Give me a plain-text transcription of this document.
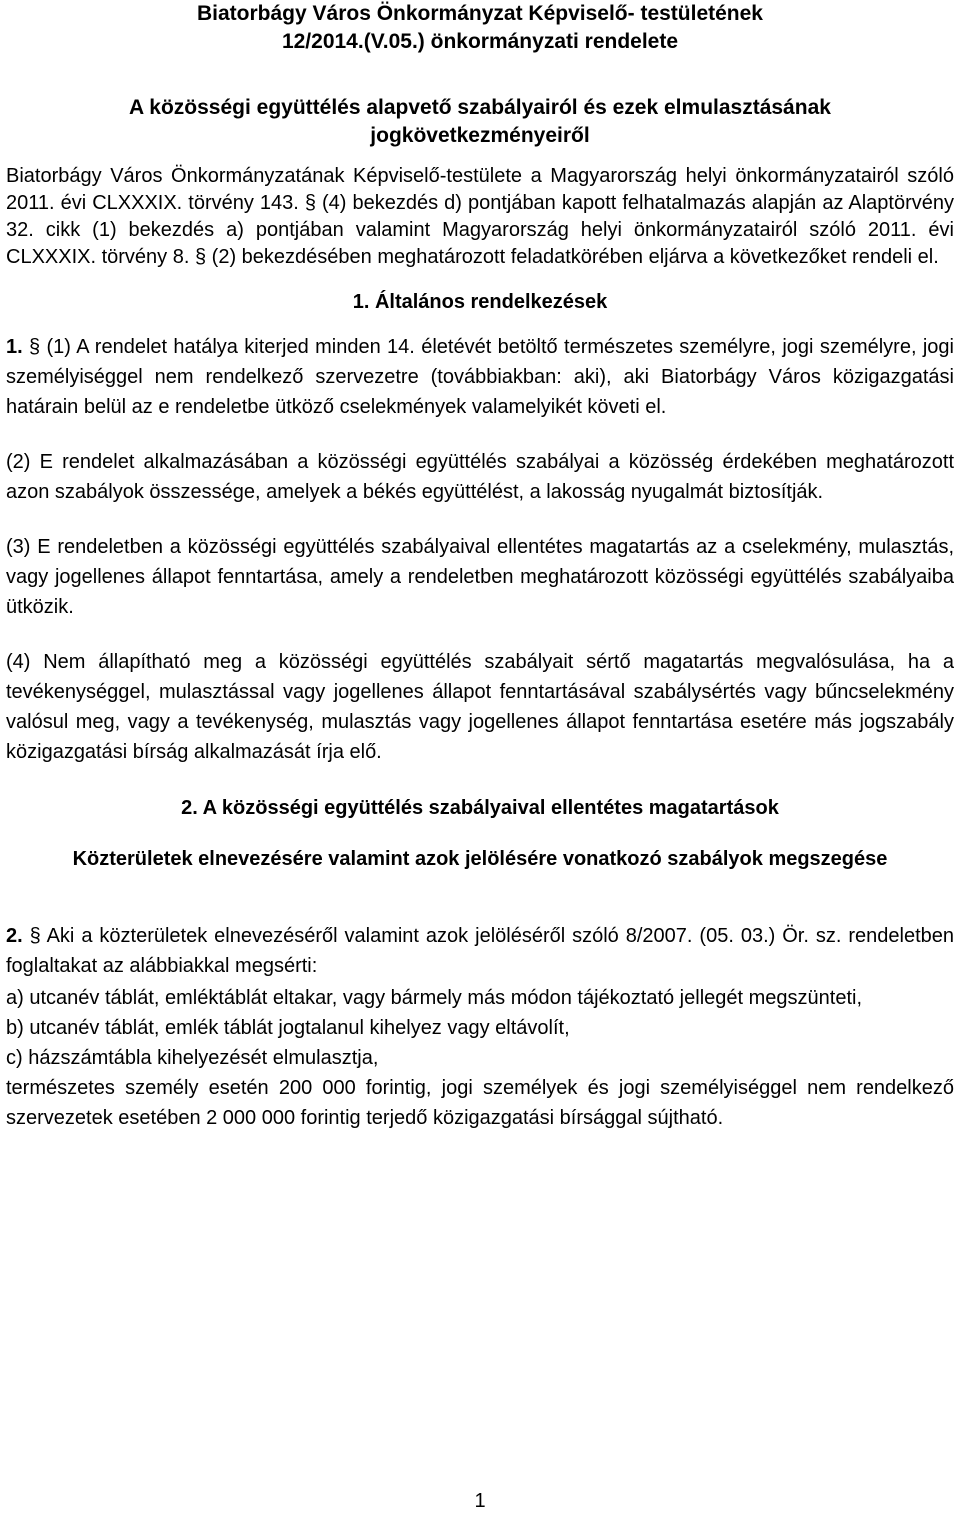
Biatorbágy Város Önkormányzat Képviselő- testületének
12/2014.(V.05.) önkormányzati rendelete

A közösségi együttélés alapvető szabályairól és ezek elmulasztásának
jogkövetkezményeiről

Biatorbágy Város Önkormányzatának Képviselő-testülete a Magyarország helyi önkormányzatairól szóló 2011. évi CLXXXIX. törvény 143. § (4) bekezdés d) pontjában kapott felhatalmazás alapján az Alaptörvény 32. cikk (1) bekezdés a) pontjában valamint Magyarország helyi önkormányzatairól szóló 2011. évi CLXXXIX. törvény 8. § (2) bekezdésében meghatározott feladatkörében eljárva a következőket rendeli el.

1. Általános rendelkezések

1. § (1) A rendelet hatálya kiterjed minden 14. életévét betöltő természetes személyre, jogi személyre, jogi személyiséggel nem rendelkező szervezetre (továbbiakban: aki), aki Biatorbágy Város közigazgatási határain belül az e rendeletbe ütköző cselekmények valamelyikét követi el.

(2) E rendelet alkalmazásában a közösségi együttélés szabályai a közösség érdekében meghatározott azon szabályok összessége, amelyek a békés együttélést, a lakosság nyugalmát biztosítják.

(3) E rendeletben a közösségi együttélés szabályaival ellentétes magatartás az a cselekmény, mulasztás, vagy jogellenes állapot fenntartása, amely a rendeletben meghatározott közösségi együttélés szabályaiba ütközik.

(4) Nem állapítható meg a közösségi együttélés szabályait sértő magatartás megvalósulása, ha a tevékenységgel, mulasztással vagy jogellenes állapot fenntartásával szabálysértés vagy bűncselekmény valósul meg, vagy a tevékenység, mulasztás vagy jogellenes állapot fenntartása esetére más jogszabály közigazgatási bírság alkalmazását írja elő.

2. A közösségi együttélés szabályaival ellentétes magatartások

Közterületek elnevezésére valamint azok jelölésére vonatkozó szabályok megszegése

2. § Aki a közterületek elnevezéséről valamint azok jelöléséről szóló 8/2007. (05. 03.) Ör. sz. rendeletben foglaltakat az alábbiakkal megsérti:

a) utcanév táblát, emléktáblát eltakar, vagy bármely más módon tájékoztató jellegét megszünteti,

b) utcanév táblát, emlék táblát jogtalanul kihelyez vagy eltávolít,

c) házszámtábla kihelyezését elmulasztja,

természetes személy esetén 200 000 forintig, jogi személyek és jogi személyiséggel nem rendelkező szervezetek esetében 2 000 000 forintig terjedő közigazgatási bírsággal sújtható.

1
